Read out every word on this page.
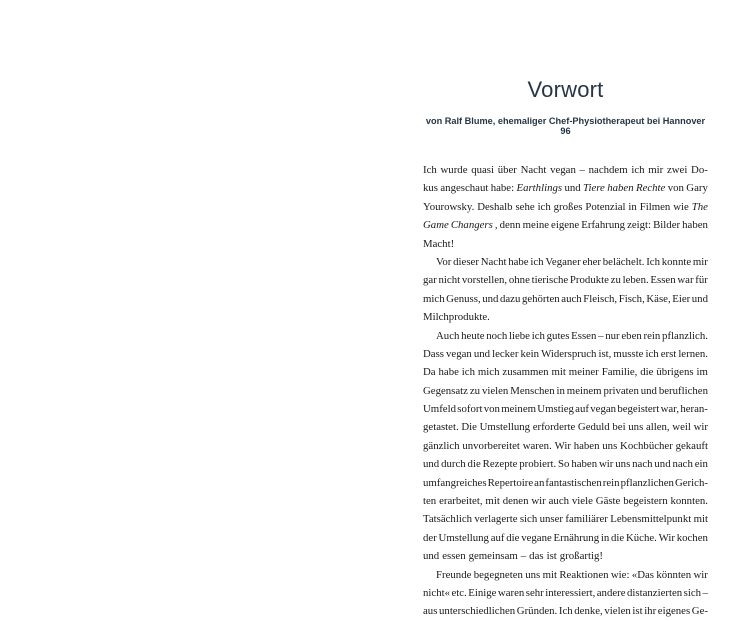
Vorwort
von Ralf Blume, ehemaliger Chef-Physiotherapeut bei Hannover 96
Ich wurde quasi über Nacht vegan – nachdem ich mir zwei Do-
kus angeschaut habe: Earthlings und Tiere haben Rechte von Gary
Yourowsky. Deshalb sehe ich großes Potenzial in Filmen wie The
Game Changers , denn meine eigene Erfahrung zeigt: Bilder haben
Macht!
Vor dieser Nacht habe ich Veganer eher belächelt. Ich konnte mir
gar nicht vorstellen, ohne tierische Produkte zu leben. Essen war für
mich Genuss, und dazu gehörten auch Fleisch, Fisch, Käse, Eier und
Milchprodukte.
Auch heute noch liebe ich gutes Essen – nur eben rein pflanzlich.
Dass vegan und lecker kein Widerspruch ist, musste ich erst lernen.
Da habe ich mich zusammen mit meiner Familie, die übrigens im
Gegensatz zu vielen Menschen in meinem privaten und beruflichen
Umfeld sofort von meinem Umstieg auf vegan begeistert war, heran-
getastet. Die Umstellung erforderte Geduld bei uns allen, weil wir
gänzlich unvorbereitet waren. Wir haben uns Kochbücher gekauft
und durch die Rezepte probiert. So haben wir uns nach und nach ein
umfangreiches Repertoire an fantastischen rein pflanzlichen Gerich-
ten erarbeitet, mit denen wir auch viele Gäste begeistern konnten.
Tatsächlich verlagerte sich unser familiärer Lebensmittelpunkt mit
der Umstellung auf die vegane Ernährung in die Küche. Wir kochen
und essen gemeinsam – das ist großartig!
Freunde begegneten uns mit Reaktionen wie: «Das könnten wir
nicht« etc. Einige waren sehr interessiert, andere distanzierten sich –
aus unterschiedlichen Gründen. Ich denke, vielen ist ihr eigenes Ge-
